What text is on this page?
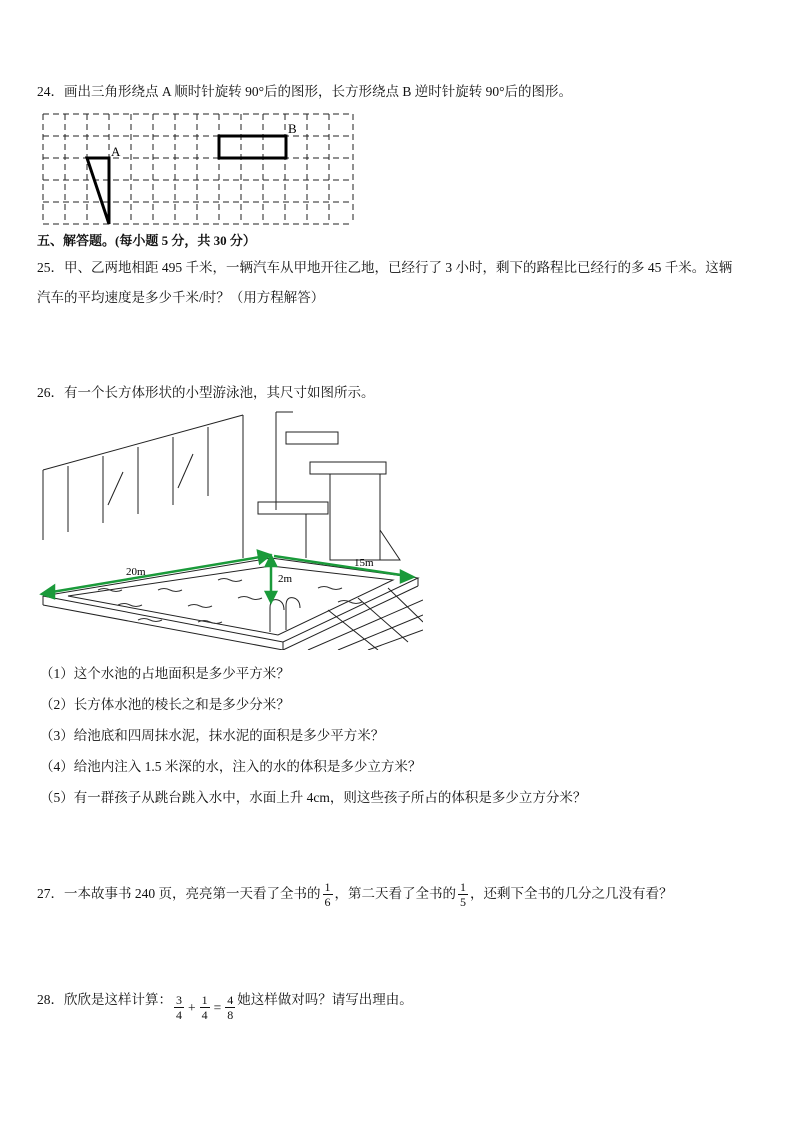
24．画出三角形绕点 A 顺时针旋转 90°后的图形，长方形绕点 B 逆时针旋转 90°后的图形。
A
B
五、解答题。(每小题 5 分，共 30 分）
25．甲、乙两地相距 495 千米，一辆汽车从甲地开往乙地，已经行了 3 小时，剩下的路程比已经行的多 45 千米。这辆
汽车的平均速度是多少千米/时？（用方程解答）
26．有一个长方体形状的小型游泳池，其尺寸如图所示。
20m
15m
2m
（1）这个水池的占地面积是多少平方米？
（2）长方体水池的棱长之和是多少分米？
（3）给池底和四周抹水泥，抹水泥的面积是多少平方米？
（4）给池内注入 1.5 米深的水，注入的水的体积是多少立方米？
（5）有一群孩子从跳台跳入水中，水面上升 4cm，则这些孩子所占的体积是多少立方分米？
27．一本故事书 240 页，亮亮第一天看了全书的 $\frac{1}{6}$ ，第二天看了全书的 $\frac{1}{5}$ ，还剩下全书的几分之几没有看？
28．欣欣是这样计算： $\frac{3}{4} + \frac{1}{4} = \frac{4}{8}$ 她这样做对吗？请写出理由。
